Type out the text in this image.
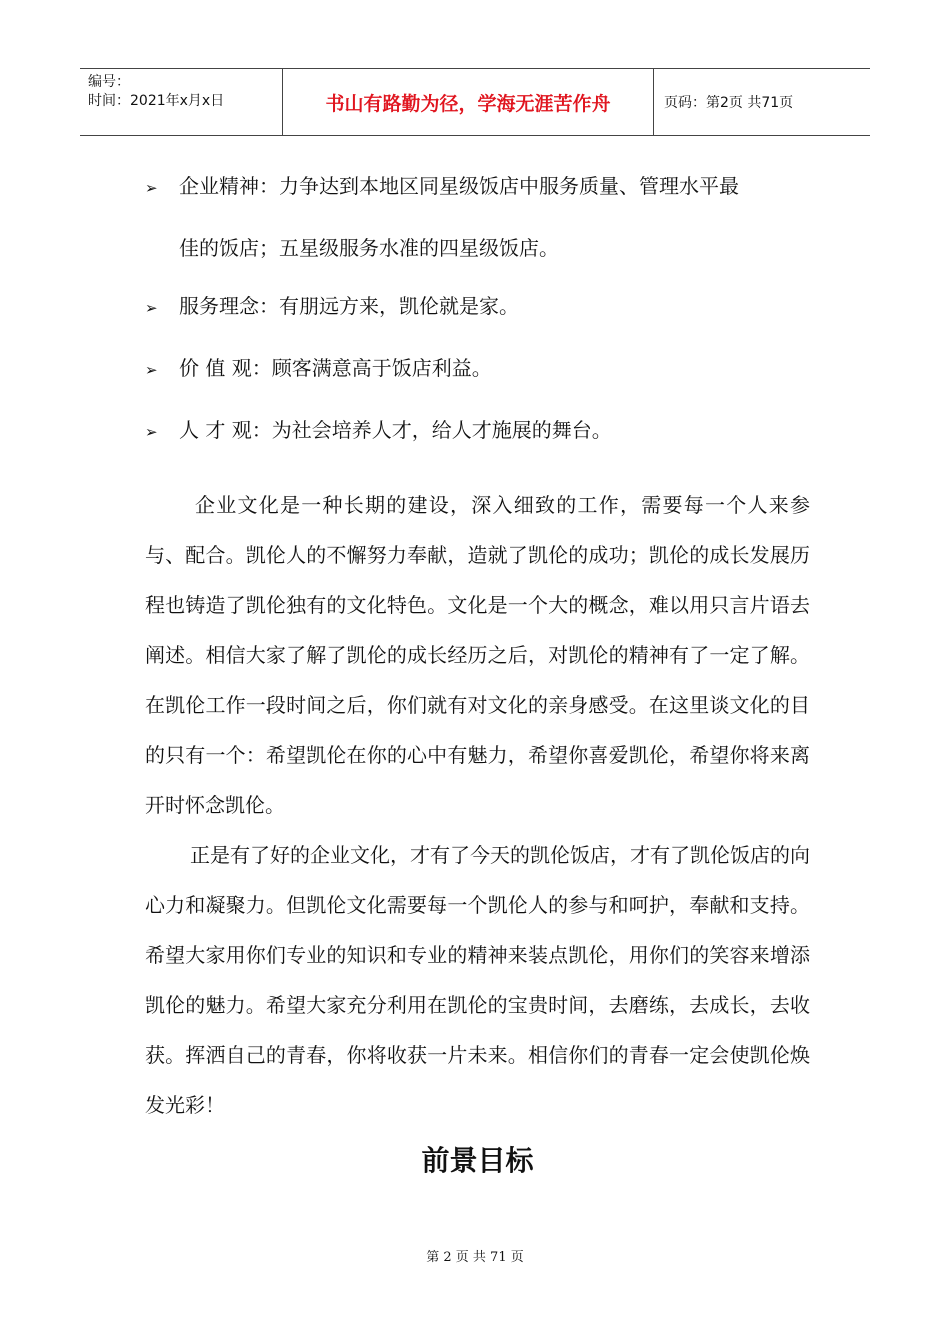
编号：
时间：2021年x月x日	书山有路勤为径，学海无涯苦作舟	页码：第2页 共71页
➢	企业精神：力争达到本地区同星级饭店中服务质量、管理水平最
佳的饭店；五星级服务水准的四星级饭店。
➢	服务理念：有朋远方来，凯伦就是家。
➢	价 值 观：顾客满意高于饭店利益。
➢	人 才 观：为社会培养人才，给人才施展的舞台。

企业文化是一种长期的建设，深入细致的工作，需要每一个人来参与、配合。凯伦人的不懈努力奉献，造就了凯伦的成功；凯伦的成长发展历程也铸造了凯伦独有的文化特色。文化是一个大的概念，难以用只言片语去阐述。相信大家了解了凯伦的成长经历之后，对凯伦的精神有了一定了解。在凯伦工作一段时间之后，你们就有对文化的亲身感受。在这里谈文化的目的只有一个：希望凯伦在你的心中有魅力，希望你喜爱凯伦，希望你将来离开时怀念凯伦。

正是有了好的企业文化，才有了今天的凯伦饭店，才有了凯伦饭店的向心力和凝聚力。但凯伦文化需要每一个凯伦人的参与和呵护，奉献和支持。希望大家用你们专业的知识和专业的精神来装点凯伦，用你们的笑容来增添凯伦的魅力。希望大家充分利用在凯伦的宝贵时间，去磨练，去成长，去收获。挥洒自己的青春，你将收获一片未来。相信你们的青春一定会使凯伦焕发光彩！

前景目标
第 2 页 共 71 页
